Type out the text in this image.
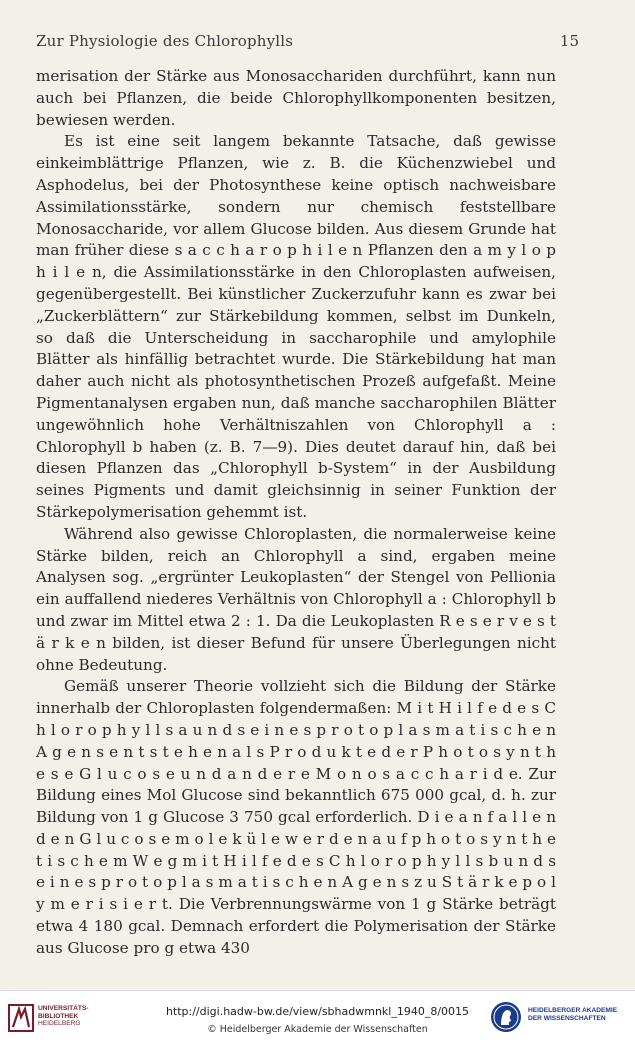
Zur Physiologie des Chlorophylls	15

merisation der Stärke aus Monosacchariden durchführt, kann nun auch bei Pflanzen, die beide Chlorophyllkomponenten besitzen, bewiesen werden.

Es ist eine seit langem bekannte Tatsache, daß gewisse einkeimblättrige Pflanzen, wie z. B. die Küchenzwiebel und Asphodelus, bei der Photosynthese keine optisch nachweisbare Assimilationsstärke, sondern nur chemisch feststellbare Monosaccharide, vor allem Glucose bilden. Aus diesem Grunde hat man früher diese s a c c h a r o p h i l e n Pflanzen den a m y l o p h i l e n, die Assimilationsstärke in den Chloroplasten aufweisen, gegenübergestellt. Bei künstlicher Zuckerzufuhr kann es zwar bei „Zuckerblättern“ zur Stärkebildung kommen, selbst im Dunkeln, so daß die Unterscheidung in saccharophile und amylophile Blätter als hinfällig betrachtet wurde. Die Stärkebildung hat man daher auch nicht als photosynthetischen Prozeß aufgefaßt. Meine Pigmentanalysen ergaben nun, daß manche saccharophilen Blätter ungewöhnlich hohe Verhältniszahlen von Chlorophyll a : Chlorophyll b haben (z. B. 7—9). Dies deutet darauf hin, daß bei diesen Pflanzen das „Chlorophyll b-System“ in der Ausbildung seines Pigments und damit gleichsinnig in seiner Funktion der Stärkepolymerisation gehemmt ist.

Während also gewisse Chloroplasten, die normalerweise keine Stärke bilden, reich an Chlorophyll a sind, ergaben meine Analysen sog. „ergrünter Leukoplasten“ der Stengel von Pellionia ein auffallend niederes Verhältnis von Chlorophyll a : Chlorophyll b und zwar im Mittel etwa 2 : 1. Da die Leukoplasten R e s e r v e s t ä r k e n bilden, ist dieser Befund für unsere Überlegungen nicht ohne Bedeutung.

Gemäß unserer Theorie vollzieht sich die Bildung der Stärke innerhalb der Chloroplasten folgendermaßen: M i t H i l f e d e s C h l o r o p h y l l s a u n d s e i n e s p r o t o p l a s m a t i s c h e n A g e n s e n t s t e h e n a l s P r o d u k t e d e r P h o t o s y n t h e s e G l u c o s e u n d a n d e r e M o n o s a c c h a r i d e. Zur Bildung eines Mol Glucose sind bekanntlich 675 000 gcal, d. h. zur Bildung von 1 g Glucose 3 750 gcal erforderlich. D i e a n f a l l e n d e n G l u c o s e m o l e k ü l e w e r d e n a u f p h o t o s y n t h e t i s c h e m W e g m i t H i l f e d e s C h l o r o p h y l l s b u n d s e i n e s p r o t o p l a s m a t i s c h e n A g e n s z u S t ä r k e p o l y m e r i s i e r t. Die Verbrennungswärme von 1 g Stärke beträgt etwa 4 180 gcal. Demnach erfordert die Polymerisation der Stärke aus Glucose pro g etwa 430

UNIVERSITÄTS-
BIBLIOTHEK
HEIDELBERG
http://digi.hadw-bw.de/view/sbhadwmnkl_1940_8/0015
© Heidelberger Akademie der Wissenschaften
HEIDELBERGER AKADEMIE
DER WISSENSCHAFTEN
